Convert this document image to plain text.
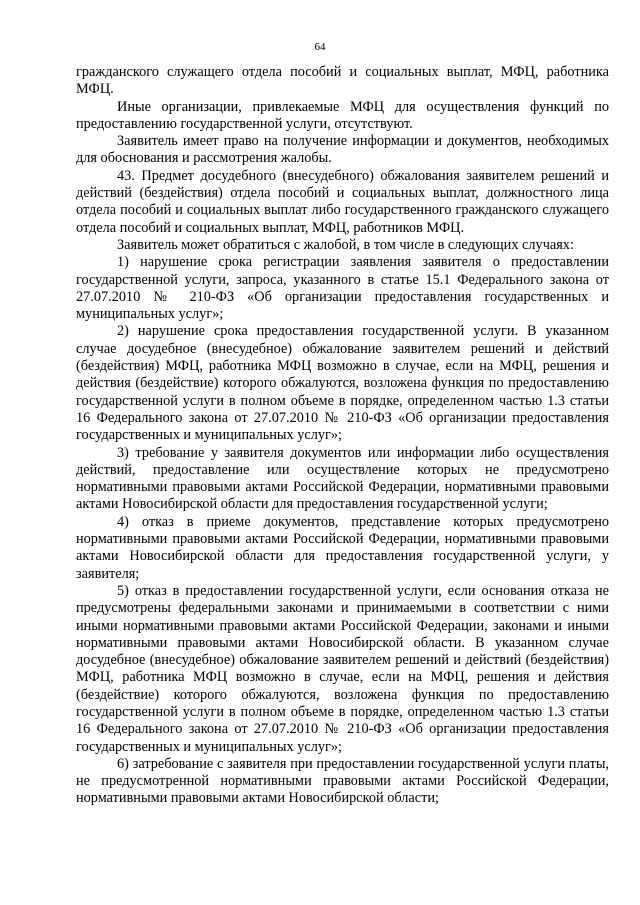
64

гражданского служащего отдела пособий и социальных выплат, МФЦ, работника МФЦ.

Иные организации, привлекаемые МФЦ для осуществления функций по предоставлению государственной услуги, отсутствуют.

Заявитель имеет право на получение информации и документов, необходимых для обоснования и рассмотрения жалобы.

43. Предмет досудебного (внесудебного) обжалования заявителем решений и действий (бездействия) отдела пособий и социальных выплат, должностного лица отдела пособий и социальных выплат либо государственного гражданского служащего отдела пособий и социальных выплат, МФЦ, работников МФЦ.

Заявитель может обратиться с жалобой, в том числе в следующих случаях:

1) нарушение срока регистрации заявления заявителя о предоставлении государственной услуги, запроса, указанного в статье 15.1 Федерального закона от 27.07.2010 № 210-ФЗ «Об организации предоставления государственных и муниципальных услуг»;

2) нарушение срока предоставления государственной услуги. В указанном случае досудебное (внесудебное) обжалование заявителем решений и действий (бездействия) МФЦ, работника МФЦ возможно в случае, если на МФЦ, решения и действия (бездействие) которого обжалуются, возложена функция по предоставлению государственной услуги в полном объеме в порядке, определенном частью 1.3 статьи 16 Федерального закона от 27.07.2010 № 210-ФЗ «Об организации предоставления государственных и муниципальных услуг»;

3) требование у заявителя документов или информации либо осуществления действий, предоставление или осуществление которых не предусмотрено нормативными правовыми актами Российской Федерации, нормативными правовыми актами Новосибирской области для предоставления государственной услуги;

4) отказ в приеме документов, представление которых предусмотрено нормативными правовыми актами Российской Федерации, нормативными правовыми актами Новосибирской области для предоставления государственной услуги, у заявителя;

5) отказ в предоставлении государственной услуги, если основания отказа не предусмотрены федеральными законами и принимаемыми в соответствии с ними иными нормативными правовыми актами Российской Федерации, законами и иными нормативными правовыми актами Новосибирской области. В указанном случае досудебное (внесудебное) обжалование заявителем решений и действий (бездействия) МФЦ, работника МФЦ возможно в случае, если на МФЦ, решения и действия (бездействие) которого обжалуются, возложена функция по предоставлению государственной услуги в полном объеме в порядке, определенном частью 1.3 статьи 16 Федерального закона от 27.07.2010 № 210-ФЗ «Об организации предоставления государственных и муниципальных услуг»;

6) затребование с заявителя при предоставлении государственной услуги платы, не предусмотренной нормативными правовыми актами Российской Федерации, нормативными правовыми актами Новосибирской области;
